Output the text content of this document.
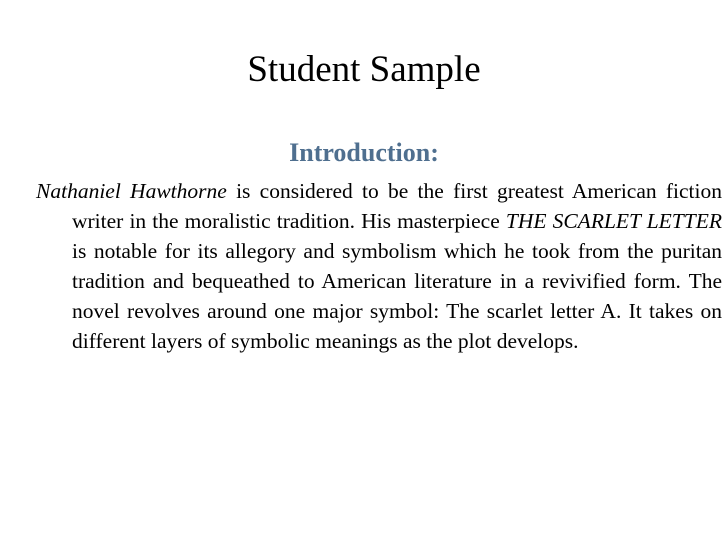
Student Sample
Introduction:

Nathaniel Hawthorne is considered to be the first greatest American fiction writer in the moralistic tradition. His masterpiece THE SCARLET LETTER is notable for its allegory and symbolism which he took from the puritan tradition and bequeathed to American literature in a revivified form. The novel revolves around one major symbol: The scarlet letter A. It takes on different layers of symbolic meanings as the plot develops.
